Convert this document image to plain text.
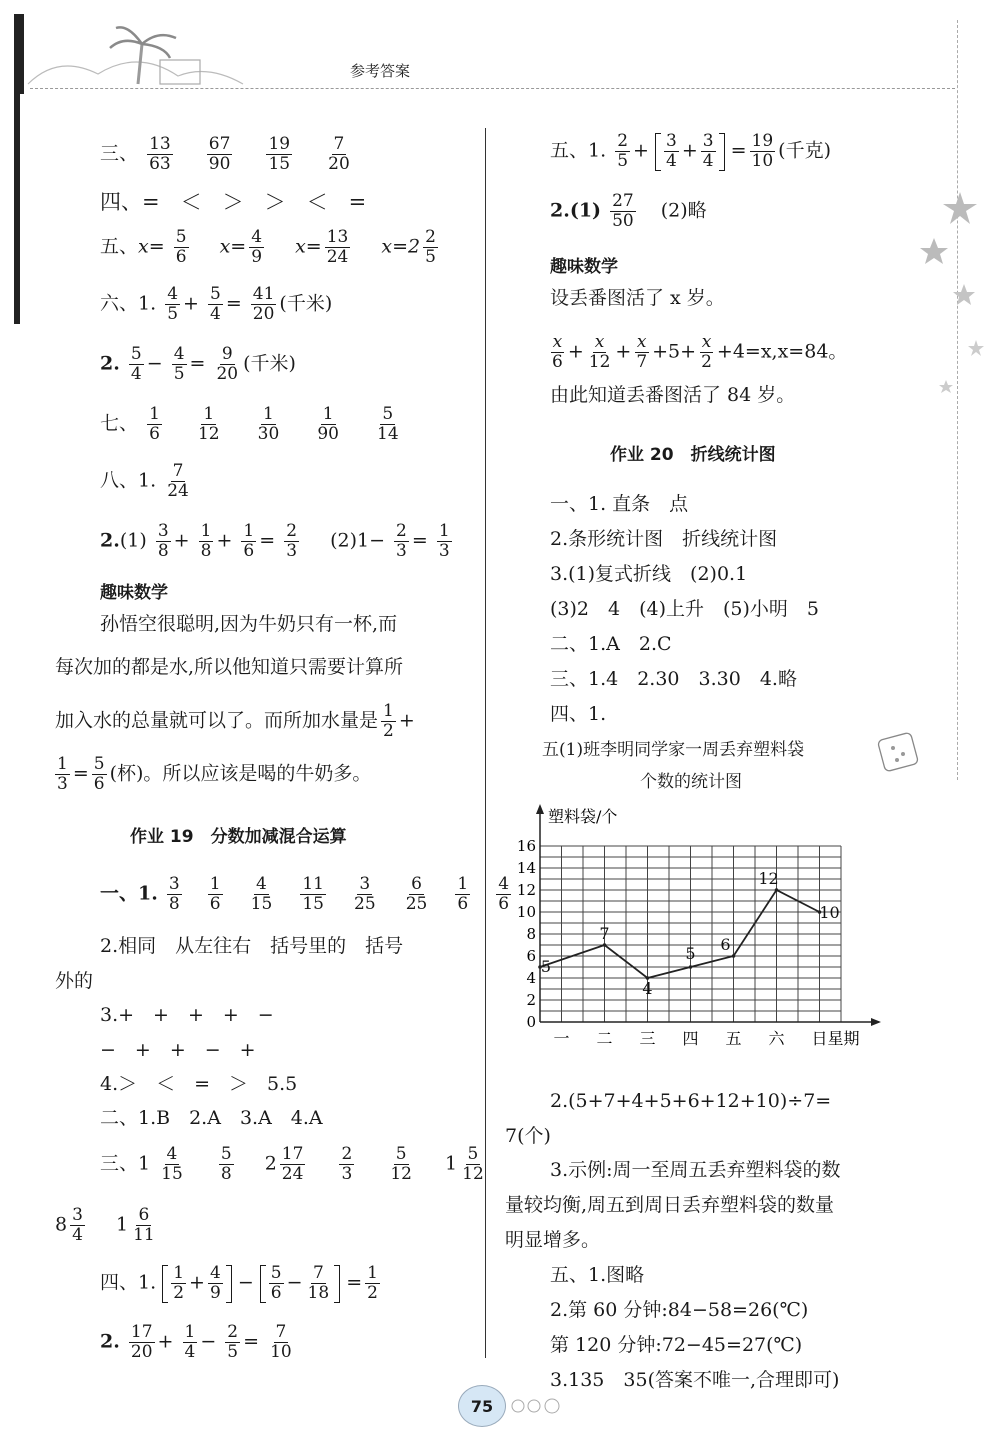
参考答案
三、 $\frac{13}{63}$
$\frac{67}{90}$
$\frac{19}{15}$
$\frac{7}{20}$
四、=　＜　＞　＞　＜　=
五、$x= \frac{5}{6} x= \frac{4}{9} x= \frac{13}{24} x=2 \frac{2}{5}$
六、1. $\frac{4}{5} + \frac{5}{4} = \frac{41}{20}$ (千米)
2. $\frac{5}{4} - \frac{4}{5} = \frac{9}{20}$ (千米)
七、 $\frac{1}{6}$
$\frac{1}{12}$
$\frac{1}{30}$
$\frac{1}{90}$
$\frac{5}{14}$
八、1. $\frac{7}{24}$
$2.(1) \frac{3}{8} + \frac{1}{8} + \frac{1}{6} = \frac{2}{3} (2)1- \frac{2}{3} = \frac{1}{3}$
趣味数学
孙悟空很聪明,因为牛奶只有一杯,而
每次加的都是水,所以他知道只需要计算所
加入水的总量就可以了。而所加水量是 $\frac{1}{2}$ +
$\frac{1}{3} = \frac{5}{6}$ (杯)。所以应该是喝的牛奶多。
作业 19　分数加减混合运算
一、1. $\frac{3}{8}$
$\frac{1}{6}$
$\frac{4}{15}$
$\frac{11}{15}$
$\frac{3}{25}$
$\frac{6}{25}$
$\frac{1}{6}$
$\frac{4}{6}$
2.相同　从左往右　括号里的　括号
外的
3.+　+　+　+　−
−　+　+　−　+
4.＞　＜　=　＞　5.5
二、1.B　2.A　3.A　4.A
三、$1 \frac{4}{15}$
$\frac{5}{8} 2 \frac{17}{24}$
$\frac{2}{3}$
$\frac{5}{12} 1 \frac{5}{12}$
$8 \frac{3}{4} 1 \frac{6}{11}$
四、1. $\frac{1}{2} + \frac{4}{9} - \frac{5}{6} - \frac{7}{18} = \frac{1}{2}$
2. $\frac{17}{20} + \frac{1}{4} - \frac{2}{5} = \frac{7}{10}$
五、1. $\frac{2}{5} + \frac{3}{4} + \frac{3}{4} = \frac{19}{10}$ (千克)
$2.(1) \frac{27}{50} (2)$略
趣味数学
设丢番图活了 x 岁。
$\frac{x}{6} + \frac{x}{12} + \frac{x}{7} +5+ \frac{x}{2} +4=x,x=84$。
由此知道丢番图活了 84 岁。
作业 20　折线统计图
一、1. 直条　点
2.条形统计图　折线统计图
3.(1)复式折线　(2)0.1
(3)2　4　(4)上升　(5)小明　5
二、1.A　2.C
三、1.4　2.30　3.30　4.略
四、1.
五(1)班李明同学家一周丢弃塑料袋
个数的统计图
塑料袋/个
0
2
4
6
8
10
12
14
16
一 二 三 四 五 六 日 星期
5
7
4
5 6
12
10
2.(5+7+4+5+6+12+10)÷7=
7(个)
3.示例:周一至周五丢弃塑料袋的数
量较均衡,周五到周日丢弃塑料袋的数量
明显增多。
五、1.图略
2.第 60 分钟:84−58=26(℃)
第 120 分钟:72−45=27(℃)
3.135　35(答案不唯一,合理即可)
75
